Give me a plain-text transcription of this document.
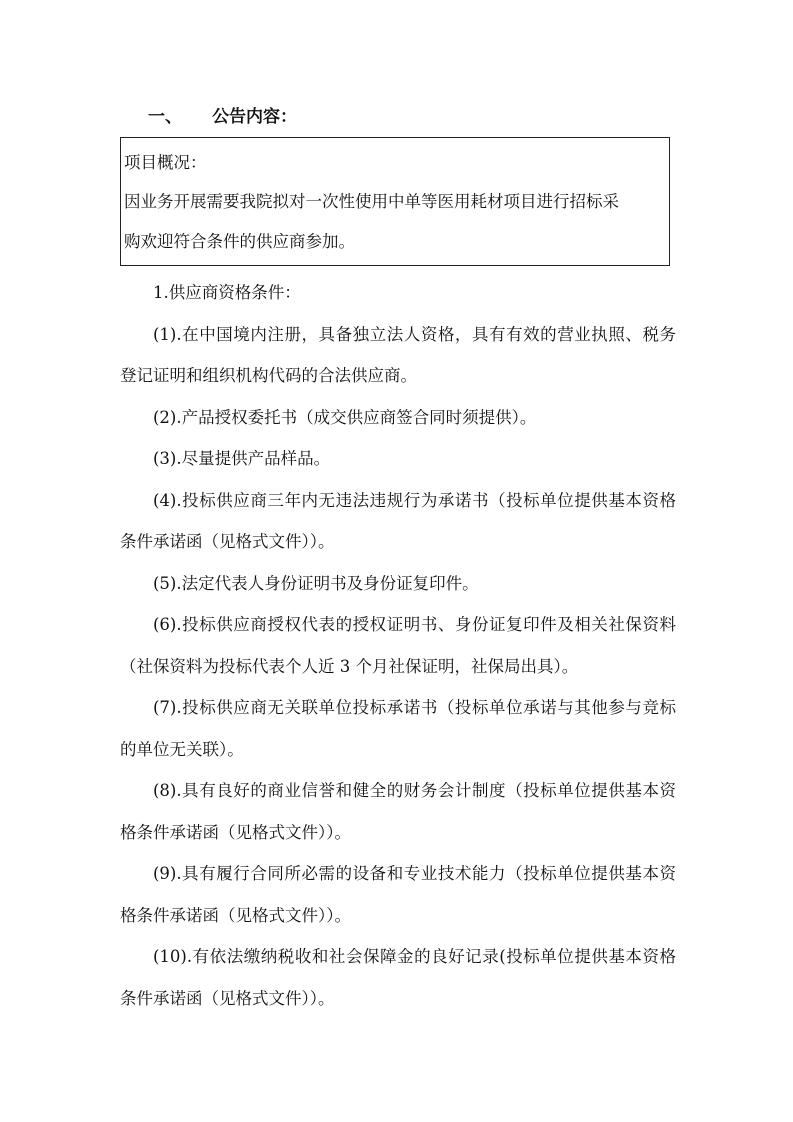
一、 公告内容：
项目概况：
因业务开展需要我院拟对一次性使用中单等医用耗材项目进行招标采
购欢迎符合条件的供应商参加。

1.供应商资格条件：

(1).在中国境内注册，具备独立法人资格，具有有效的营业执照、税务登记证明和组织机构代码的合法供应商。

(2).产品授权委托书（成交供应商签合同时须提供）。

(3).尽量提供产品样品。

(4).投标供应商三年内无违法违规行为承诺书（投标单位提供基本资格条件承诺函（见格式文件））。

(5).法定代表人身份证明书及身份证复印件。

(6).投标供应商授权代表的授权证明书、身份证复印件及相关社保资料（社保资料为投标代表个人近 3 个月社保证明，社保局出具）。

(7).投标供应商无关联单位投标承诺书（投标单位承诺与其他参与竞标的单位无关联）。

(8).具有良好的商业信誉和健全的财务会计制度（投标单位提供基本资格条件承诺函（见格式文件））。

(9).具有履行合同所必需的设备和专业技术能力（投标单位提供基本资格条件承诺函（见格式文件））。

(10).有依法缴纳税收和社会保障金的良好记录(投标单位提供基本资格条件承诺函（见格式文件））。
